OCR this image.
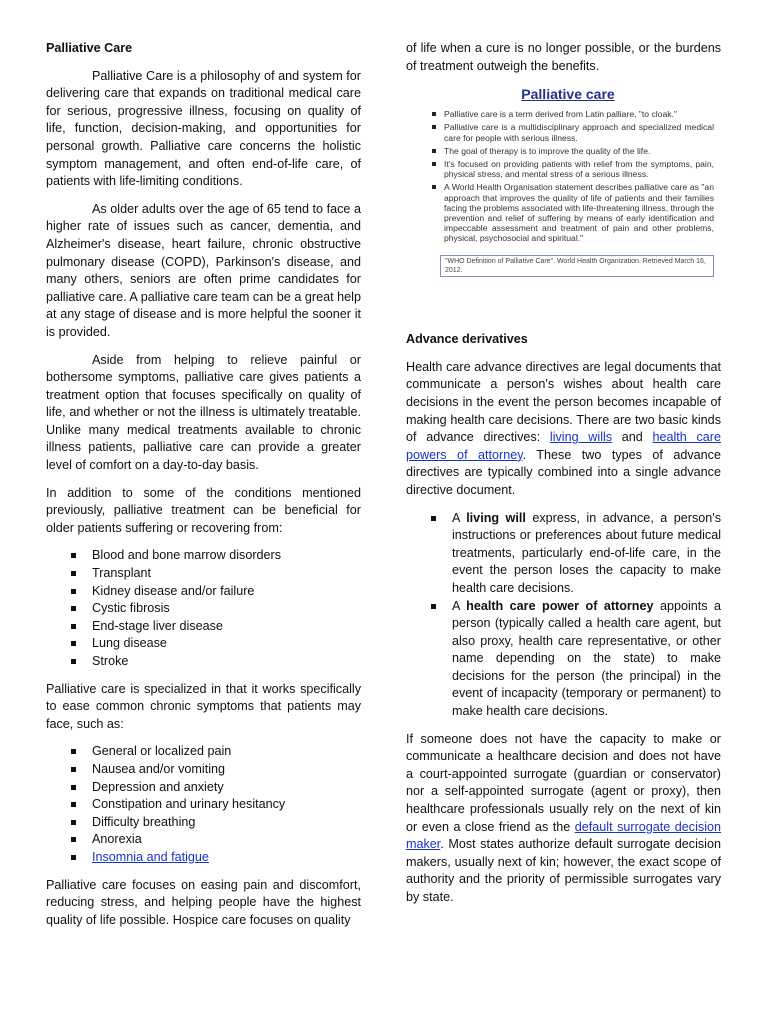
Palliative Care

Palliative Care is a philosophy of and system for delivering care that expands on traditional medical care for serious, progressive illness, focusing on quality of life, function, decision-making, and opportunities for personal growth. Palliative care concerns the holistic symptom management, and often end-of-life care, of patients with life-limiting conditions.

As older adults over the age of 65 tend to face a higher rate of issues such as cancer, dementia, and Alzheimer's disease, heart failure, chronic obstructive pulmonary disease (COPD), Parkinson's disease, and many others, seniors are often prime candidates for palliative care. A palliative care team can be a great help at any stage of disease and is more helpful the sooner it is provided.

Aside from helping to relieve painful or bothersome symptoms, palliative care gives patients a treatment option that focuses specifically on quality of life, and whether or not the illness is ultimately treatable. Unlike many medical treatments available to chronic illness patients, palliative care can provide a greater level of comfort on a day-to-day basis.

In addition to some of the conditions mentioned previously, palliative treatment can be beneficial for older patients suffering or recovering from:

Blood and bone marrow disorders
Transplant
Kidney disease and/or failure
Cystic fibrosis
End-stage liver disease
Lung disease
Stroke

Palliative care is specialized in that it works specifically to ease common chronic symptoms that patients may face, such as:

General or localized pain
Nausea and/or vomiting
Depression and anxiety
Constipation and urinary hesitancy
Difficulty breathing
Anorexia
Insomnia and fatigue

Palliative care focuses on easing pain and discomfort, reducing stress, and helping people have the highest quality of life possible. Hospice care focuses on quality

of life when a cure is no longer possible, or the burdens of treatment outweigh the benefits.

Palliative care
Palliative care is a term derived from Latin palliare, "to cloak."
Palliative care is a multidisciplinary approach and specialized medical care for people with serious illness.
The goal of therapy is to improve the quality of the life.
It's focused on providing patients with relief from the symptoms, pain, physical stress, and mental stress of a serious illness.
A World Health Organisation statement describes palliative care as "an approach that improves the quality of life of patients and their families facing the problems associated with life-threatening illness, through the prevention and relief of suffering by means of early identification and impeccable assessment and treatment of pain and other problems, physical, psychosocial and spiritual."
"WHO Definition of Palliative Care". World Health Organization. Retrieved March 16, 2012.
Advance derivatives

Health care advance directives are legal documents that communicate a person's wishes about health care decisions in the event the person becomes incapable of making health care decisions. There are two basic kinds of advance directives: living wills and health care powers of attorney. These two types of advance directives are typically combined into a single advance directive document.

A living will express, in advance, a person's instructions or preferences about future medical treatments, particularly end-of-life care, in the event the person loses the capacity to make health care decisions.
A health care power of attorney appoints a person (typically called a health care agent, but also proxy, health care representative, or other name depending on the state) to make decisions for the person (the principal) in the event of incapacity (temporary or permanent) to make health care decisions.

If someone does not have the capacity to make or communicate a healthcare decision and does not have a court-appointed surrogate (guardian or conservator) nor a self-appointed surrogate (agent or proxy), then healthcare professionals usually rely on the next of kin or even a close friend as the default surrogate decision maker. Most states authorize default surrogate decision makers, usually next of kin; however, the exact scope of authority and the priority of permissible surrogates vary by state.
